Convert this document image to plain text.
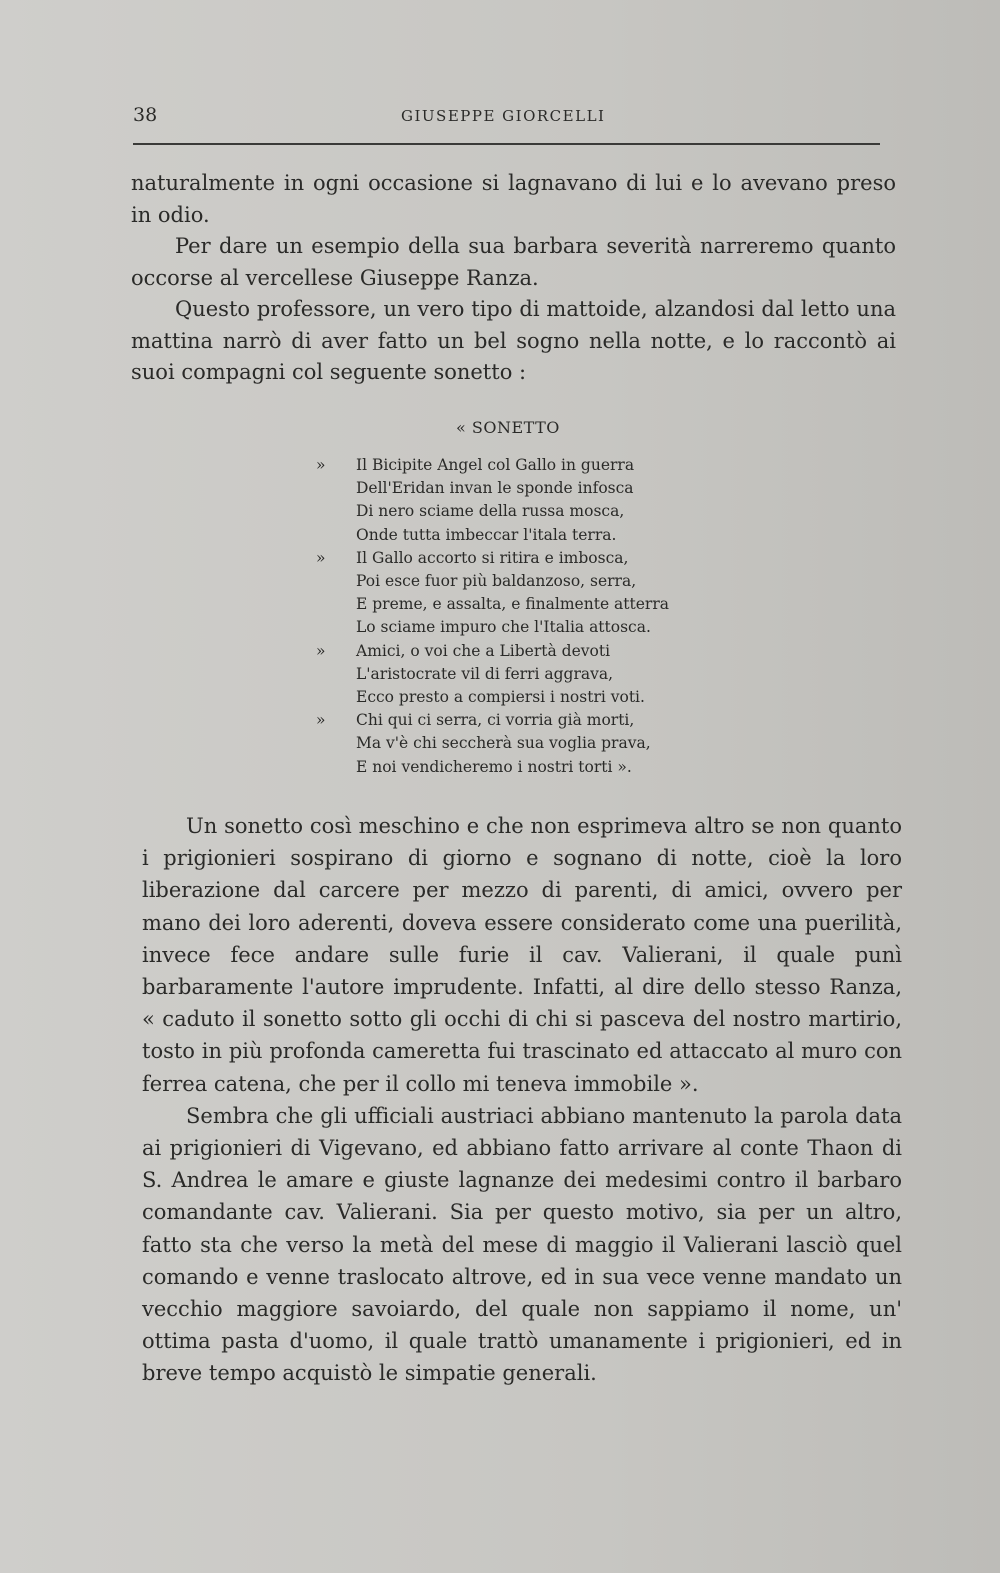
38	GIUSEPPE GIORCELLI

naturalmente in ogni occasione si lagnavano di lui e lo avevano preso in odio.

Per dare un esempio della sua barbara severità narreremo quanto occorse al vercellese Giuseppe Ranza.

Questo professore, un vero tipo di mattoide, alzandosi dal letto una mattina narrò di aver fatto un bel sogno nella notte, e lo raccontò ai suoi compagni col seguente sonetto :

« SONETTO
» Il Bicipite Angel col Gallo in guerra
Dell'Eridan invan le sponde infosca
Di nero sciame della russa mosca,
Onde tutta imbeccar l'itala terra.
» Il Gallo accorto si ritira e imbosca,
Poi esce fuor più baldanzoso, serra,
E preme, e assalta, e finalmente atterra
Lo sciame impuro che l'Italia attosca.
» Amici, o voi che a Libertà devoti
L'aristocrate vil di ferri aggrava,
Ecco presto a compiersi i nostri voti.
» Chi qui ci serra, ci vorria già morti,
Ma v'è chi seccherà sua voglia prava,
E noi vendicheremo i nostri torti ».

Un sonetto così meschino e che non esprimeva altro se non quanto i prigionieri sospirano di giorno e sognano di notte, cioè la loro liberazione dal carcere per mezzo di parenti, di amici, ovvero per mano dei loro aderenti, doveva essere considerato come una puerilità, invece fece andare sulle furie il cav. Valierani, il quale punì barbaramente l'autore imprudente. Infatti, al dire dello stesso Ranza, « caduto il sonetto sotto gli occhi di chi si pasceva del nostro martirio, tosto in più profonda cameretta fui trascinato ed attaccato al muro con ferrea catena, che per il collo mi teneva immobile ».

Sembra che gli ufficiali austriaci abbiano mantenuto la parola data ai prigionieri di Vigevano, ed abbiano fatto arrivare al conte Thaon di S. Andrea le amare e giuste lagnanze dei medesimi contro il barbaro comandante cav. Valierani. Sia per questo motivo, sia per un altro, fatto sta che verso la metà del mese di maggio il Valierani lasciò quel comando e venne traslocato altrove, ed in sua vece venne mandato un vecchio maggiore savoiardo, del quale non sappiamo il nome, un' ottima pasta d'uomo, il quale trattò umanamente i prigionieri, ed in breve tempo acquistò le simpatie generali.
